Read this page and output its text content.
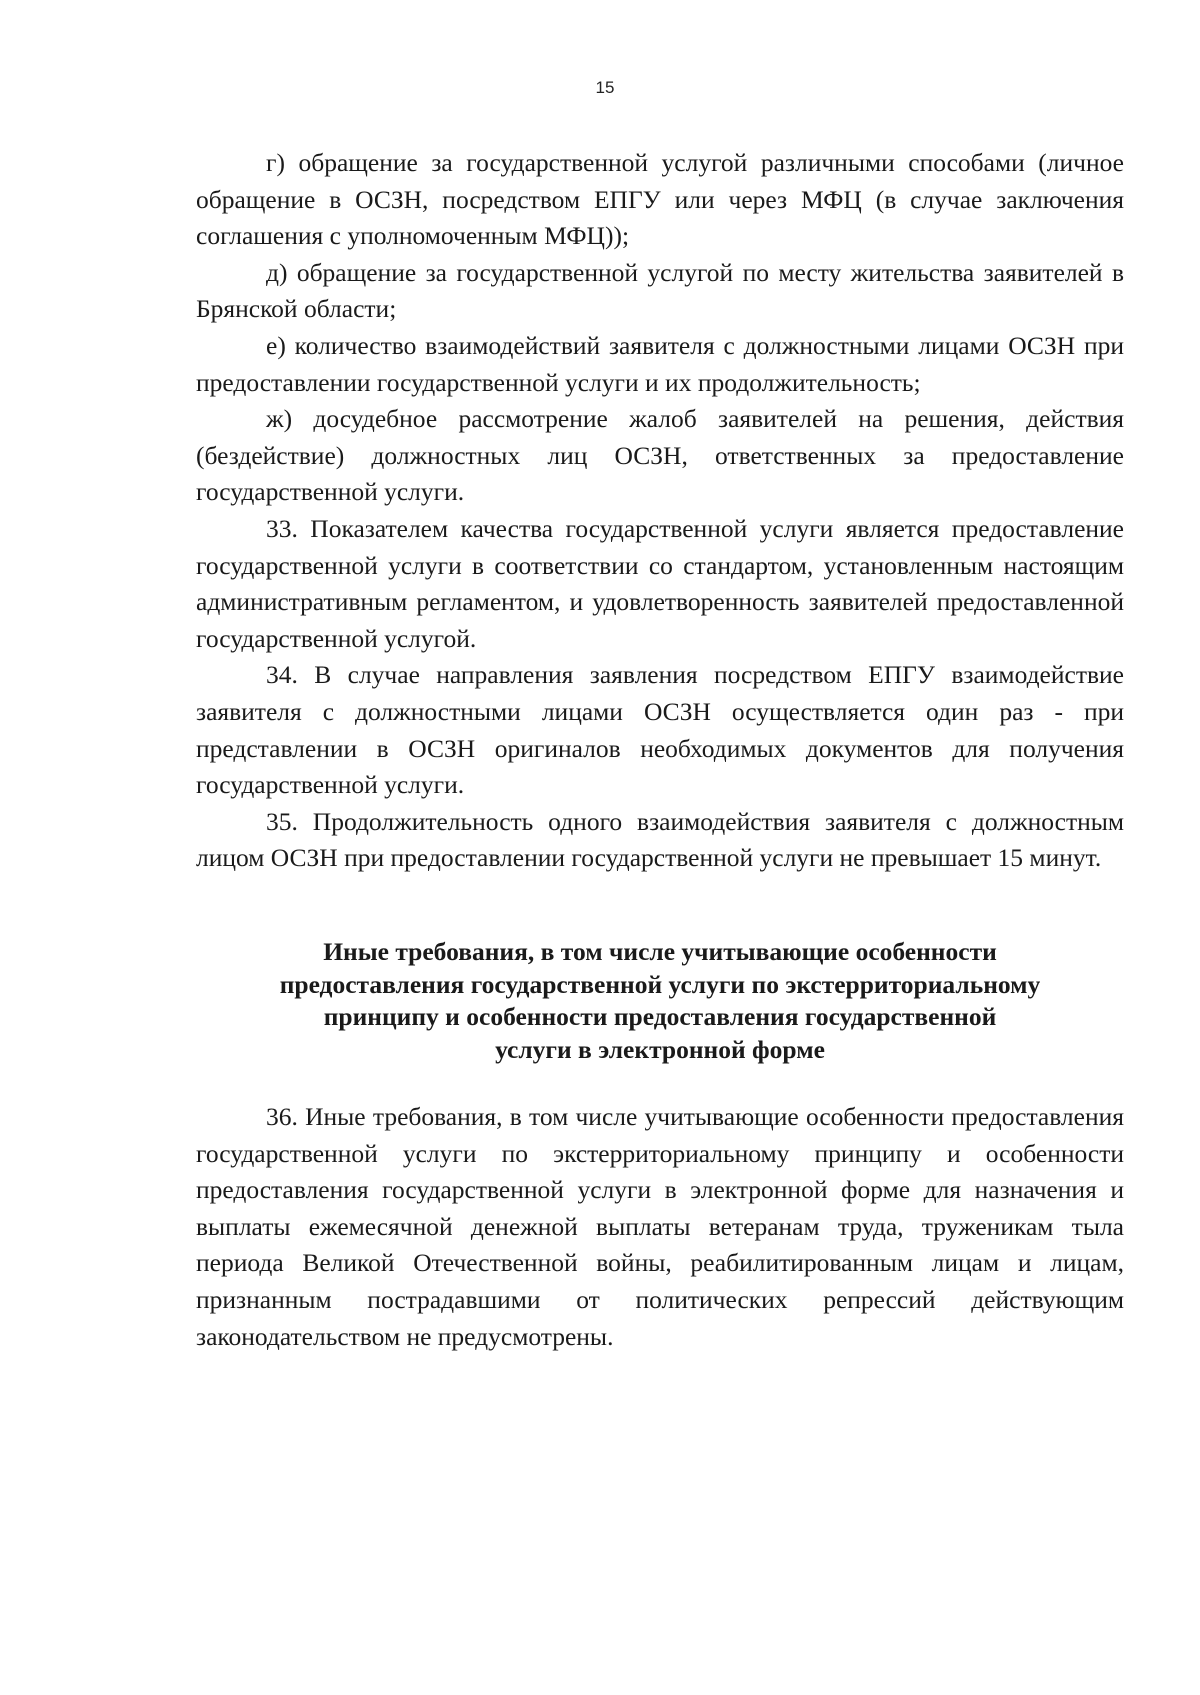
15

г) обращение за государственной услугой различными способами (личное обращение в ОСЗН, посредством ЕПГУ или через МФЦ (в случае заключения соглашения с уполномоченным МФЦ));

д) обращение за государственной услугой по месту жительства заявителей в Брянской области;

е) количество взаимодействий заявителя с должностными лицами ОСЗН при предоставлении государственной услуги и их продолжительность;

ж) досудебное рассмотрение жалоб заявителей на решения, действия (бездействие) должностных лиц ОСЗН, ответственных за предоставление государственной услуги.

33. Показателем качества государственной услуги является предоставление государственной услуги в соответствии со стандартом, установленным настоящим административным регламентом, и удовлетворенность заявителей предоставленной государственной услугой.

34. В случае направления заявления посредством ЕПГУ взаимодействие заявителя с должностными лицами ОСЗН осуществляется один раз - при представлении в ОСЗН оригиналов необходимых документов для получения государственной услуги.

35. Продолжительность одного взаимодействия заявителя с должностным лицом ОСЗН при предоставлении государственной услуги не превышает 15 минут.

Иные требования, в том числе учитывающие особенности
предоставления государственной услуги по экстерриториальному
принципу и особенности предоставления государственной
услуги в электронной форме

36. Иные требования, в том числе учитывающие особенности предоставления государственной услуги по экстерриториальному принципу и особенности предоставления государственной услуги в электронной форме для назначения и выплаты ежемесячной денежной выплаты ветеранам труда, труженикам тыла периода Великой Отечественной войны, реабилитированным лицам и лицам, признанным пострадавшими от политических репрессий действующим законодательством не предусмотрены.
